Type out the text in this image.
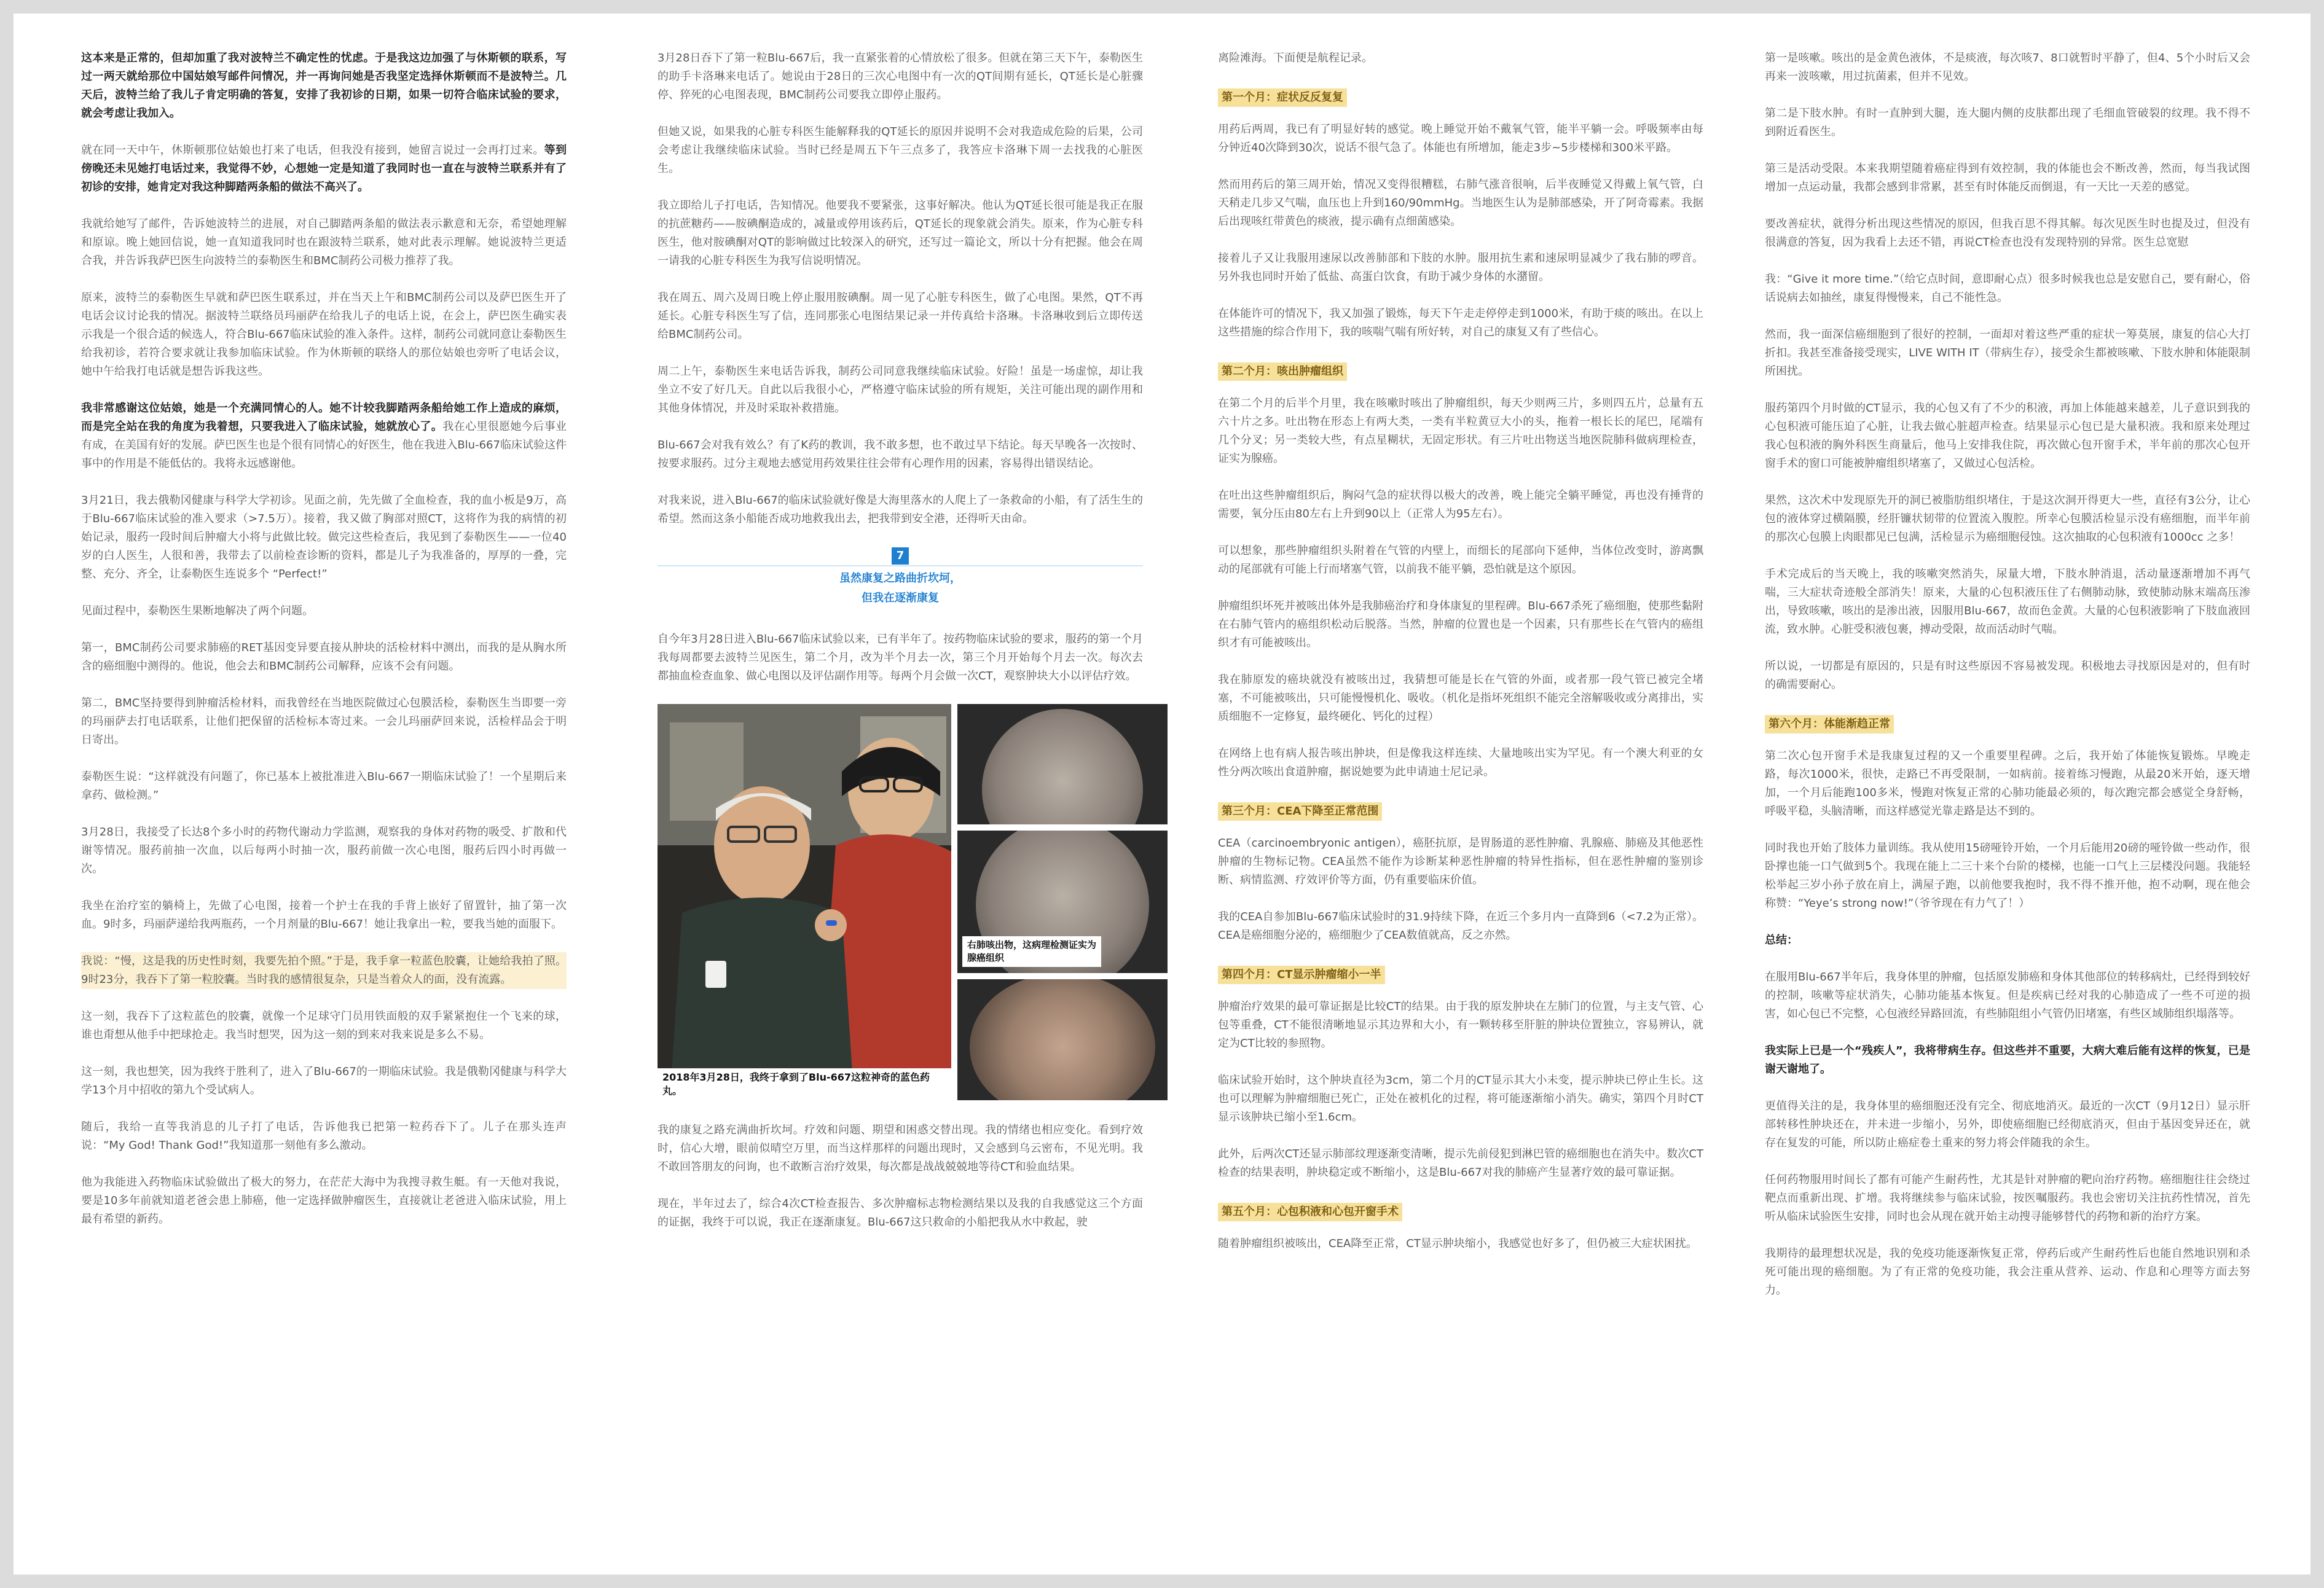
这本来是正常的，但却加重了我对波特兰不确定性的忧虑。于是我这边加强了与休斯顿的联系，写过一两天就给那位中国姑娘写邮件问情况，并一再询问她是否我坚定选择休斯顿而不是波特兰。几天后，波特兰给了我儿子肯定明确的答复，安排了我初诊的日期，如果一切符合临床试验的要求，就会考虑让我加入。

就在同一天中午，休斯顿那位姑娘也打来了电话，但我没有接到，她留言说过一会再打过来。等到傍晚还未见她打电话过来，我觉得不妙，心想她一定是知道了我同时也一直在与波特兰联系并有了初诊的安排，她肯定对我这种脚踏两条船的做法不高兴了。

我就给她写了邮件，告诉她波特兰的进展，对自己脚踏两条船的做法表示歉意和无奈，希望她理解和原谅。晚上她回信说，她一直知道我同时也在跟波特兰联系，她对此表示理解。她说波特兰更适合我，并告诉我萨巴医生向波特兰的泰勒医生和BMC制药公司极力推荐了我。

原来，波特兰的泰勒医生早就和萨巴医生联系过，并在当天上午和BMC制药公司以及萨巴医生开了电话会议讨论我的情况。据波特兰联络员玛丽萨在给我儿子的电话上说，在会上，萨巴医生确实表示我是一个很合适的候选人，符合Blu-667临床试验的准入条件。这样，制药公司就同意让泰勒医生给我初诊，若符合要求就让我参加临床试验。作为休斯顿的联络人的那位姑娘也旁听了电话会议，她中午给我打电话就是想告诉我这些。

我非常感谢这位姑娘，她是一个充满同情心的人。她不计较我脚踏两条船给她工作上造成的麻烦，而是完全站在我的角度为我着想，只要我进入了临床试验，她就放心了。我在心里很愿她今后事业有成，在美国有好的发展。萨巴医生也是个很有同情心的好医生，他在我进入Blu-667临床试验这件事中的作用是不能低估的。我将永远感谢他。

3月21日，我去俄勒冈健康与科学大学初诊。见面之前，先先做了全血检查，我的血小板是9万，高于Blu-667临床试验的准入要求（>7.5万）。接着，我又做了胸部对照CT，这将作为我的病情的初始记录，服药一段时间后肿瘤大小将与此做比较。做完这些检查后，我见到了泰勒医生——一位40岁的白人医生，人很和善，我带去了以前检查诊断的资料，都是儿子为我准备的，厚厚的一叠，完整、充分、齐全，让泰勒医生连说多个 “Perfect!”

见面过程中，泰勒医生果断地解决了两个问题。

第一，BMC制药公司要求肺癌的RET基因变异要直接从肿块的活检材料中测出，而我的是从胸水所含的癌细胞中测得的。他说，他会去和BMC制药公司解释，应该不会有问题。

第二，BMC坚持要得到肿瘤活检材料，而我曾经在当地医院做过心包膜活检，泰勒医生当即要一旁的玛丽萨去打电话联系，让他们把保留的活检标本寄过来。一会儿玛丽萨回来说，活检样品会于明日寄出。

泰勒医生说：“这样就没有问题了，你已基本上被批准进入Blu-667一期临床试验了！一个星期后来拿药、做检测。”

3月28日，我接受了长达8个多小时的药物代谢动力学监测，观察我的身体对药物的吸受、扩散和代谢等情况。服药前抽一次血，以后每两小时抽一次，服药前做一次心电图，服药后四小时再做一次。

我坐在治疗室的躺椅上，先做了心电图，接着一个护士在我的手背上嵌好了留置针，抽了第一次血。9时多，玛丽萨递给我两瓶药，一个月剂量的Blu-667！她让我拿出一粒，要我当她的面服下。

我说：“慢，这是我的历史性时刻，我要先拍个照。”于是，我手拿一粒蓝色胶囊，让她给我拍了照。9时23分，我吞下了第一粒胶囊。当时我的感情很复杂，只是当着众人的面，没有流露。

这一刻，我吞下了这粒蓝色的胶囊，就像一个足球守门员用铁面般的双手紧紧抱住一个飞来的球，谁也甭想从他手中把球抢走。我当时想哭，因为这一刻的到来对我来说是多么不易。

这一刻，我也想笑，因为我终于胜利了，进入了Blu-667的一期临床试验。我是俄勒冈健康与科学大学13个月中招收的第九个受试病人。

随后，我给一直等我消息的儿子打了电话，告诉他我已把第一粒药吞下了。儿子在那头连声说：“My God! Thank God!”我知道那一刻他有多么激动。

他为我能进入药物临床试验做出了极大的努力，在茫茫大海中为我搜寻救生艇。有一天他对我说，要是10多年前就知道老爸会患上肺癌，他一定选择做肿瘤医生，直接就让老爸进入临床试验，用上最有希望的新药。

3月28日吞下了第一粒Blu-667后，我一直紧张着的心情放松了很多。但就在第三天下午，泰勒医生的助手卡洛琳来电话了。她说由于28日的三次心电图中有一次的QT间期有延长，QT延长是心脏骤停、猝死的心电图表现，BMC制药公司要我立即停止服药。

但她又说，如果我的心脏专科医生能解释我的QT延长的原因并说明不会对我造成危险的后果，公司会考虑让我继续临床试验。当时已经是周五下午三点多了，我答应卡洛琳下周一去找我的心脏医生。

我立即给儿子打电话，告知情况。他要我不要紧张，这事好解决。他认为QT延长很可能是我正在服的抗蔗糖药——胺碘酮造成的，减量或停用该药后，QT延长的现象就会消失。原来，作为心脏专科医生，他对胺碘酮对QT的影响做过比较深入的研究，还写过一篇论文，所以十分有把握。他会在周一请我的心脏专科医生为我写信说明情况。

我在周五、周六及周日晚上停止服用胺碘酮。周一见了心脏专科医生，做了心电图。果然，QT不再延长。心脏专科医生写了信，连同那张心电图结果记录一并传真给卡洛琳。卡洛琳收到后立即传送给BMC制药公司。

周二上午，泰勒医生来电话告诉我，制药公司同意我继续临床试验。好险！虽是一场虚惊，却让我坐立不安了好几天。自此以后我很小心，严格遵守临床试验的所有规矩，关注可能出现的副作用和其他身体情况，并及时采取补救措施。

Blu-667会对我有效么？有了K药的教训，我不敢多想，也不敢过早下结论。每天早晚各一次按时、按要求服药。过分主观地去感觉用药效果往往会带有心理作用的因素，容易得出错误结论。

对我来说，进入Blu-667的临床试验就好像是大海里落水的人爬上了一条救命的小船，有了活生生的希望。然而这条小船能否成功地救我出去，把我带到安全港，还得听天由命。

7
虽然康复之路曲折坎坷，
但我在逐渐康复

自今年3月28日进入Blu-667临床试验以来，已有半年了。按药物临床试验的要求，服药的第一个月我每周都要去波特兰见医生，第二个月，改为半个月去一次，第三个月开始每个月去一次。每次去都抽血检查血象、做心电图以及评估副作用等。每两个月会做一次CT，观察肿块大小以评估疗效。

2018年3月28日，我终于拿到了Blu-667这粒神奇的蓝色药丸。
右肺咳出物，这病理检测证实为腺癌组织

我的康复之路充满曲折坎坷。疗效和问题、期望和困惑交替出现。我的情绪也相应变化。看到疗效时，信心大增，眼前似晴空万里，而当这样那样的问题出现时，又会感到乌云密布，不见光明。我不敢回答朋友的问询，也不敢断言治疗效果，每次都是战战兢兢地等待CT和验血结果。

现在，半年过去了，综合4次CT检查报告、多次肿瘤标志物检测结果以及我的自我感觉这三个方面的证据，我终于可以说，我正在逐渐康复。Blu-667这只救命的小船把我从水中救起，驶

离险滩海。下面便是航程记录。

第一个月：症状反反复复

用药后两周，我已有了明显好转的感觉。晚上睡觉开始不戴氧气管，能半平躺一会。呼吸频率由每分钟近40次降到30次，说话不很气急了。体能也有所增加，能走3步~5步楼梯和300米平路。

然而用药后的第三周开始，情况又变得很糟糕，右肺气涨音很响，后半夜睡觉又得戴上氧气管，白天稍走几步又气喘，血压也上升到160/90mmHg。当地医生认为是肺部感染，开了阿奇霉素。我据后出现咳红带黄色的痰液，提示确有点细菌感染。

接着儿子又让我服用速尿以改善肺部和下肢的水肿。服用抗生素和速尿明显减少了我右肺的啰音。另外我也同时开始了低盐、高蛋白饮食，有助于减少身体的水潴留。

在体能许可的情况下，我又加强了锻炼，每天下午走走停停走到1000米，有助于痰的咳出。在以上这些措施的综合作用下，我的咳喘气喘有所好转，对自己的康复又有了些信心。

第二个月：咳出肿瘤组织

在第二个月的后半个月里，我在咳嗽时咳出了肿瘤组织，每天少则两三片，多则四五片，总量有五六十片之多。吐出物在形态上有两大类，一类有半粒黄豆大小的头，拖着一根长长的尾巴，尾端有几个分叉；另一类较大些，有点星糊状，无固定形状。有三片吐出物送当地医院肺科做病理检查，证实为腺癌。

在吐出这些肿瘤组织后，胸闷气急的症状得以极大的改善，晚上能完全躺平睡觉，再也没有捶背的需要，氧分压由80左右上升到90以上（正常人为95左右）。

可以想象，那些肿瘤组织头附着在气管的内壁上，而细长的尾部向下延伸，当体位改变时，游离飘动的尾部就有可能上行而堵塞气管，以前我不能平躺，恐怕就是这个原因。

肿瘤组织坏死并被咳出体外是我肺癌治疗和身体康复的里程碑。Blu-667杀死了癌细胞，使那些黏附在右肺气管内的癌组织松动后脱落。当然，肿瘤的位置也是一个因素，只有那些长在气管内的癌组织才有可能被咳出。

我在肺原发的癌块就没有被咳出过，我猜想可能是长在气管的外面，或者那一段气管已被完全堵塞，不可能被咳出，只可能慢慢机化、吸收。（机化是指坏死组织不能完全溶解吸收或分离排出，实质细胞不一定修复，最终硬化、钙化的过程）

在网络上也有病人报告咳出肿块，但是像我这样连续、大量地咳出实为罕见。有一个澳大利亚的女性分两次咳出食道肿瘤，据说她要为此申请迪士尼记录。

第三个月：CEA下降至正常范围

CEA（carcinoembryonic antigen），癌胚抗原，是胃肠道的恶性肿瘤、乳腺癌、肺癌及其他恶性肿瘤的生物标记物。CEA虽然不能作为诊断某种恶性肿瘤的特异性指标，但在恶性肿瘤的鉴别诊断、病情监测、疗效评价等方面，仍有重要临床价值。

我的CEA自参加Blu-667临床试验时的31.9持续下降，在近三个多月内一直降到6（<7.2为正常）。CEA是癌细胞分泌的，癌细胞少了CEA数值就高，反之亦然。

第四个月：CT显示肿瘤缩小一半

肿瘤治疗效果的最可靠证据是比较CT的结果。由于我的原发肿块在左肺门的位置，与主支气管、心包等重叠，CT不能很清晰地显示其边界和大小，有一颗转移至肝脏的肿块位置独立，容易辨认，就定为CT比较的参照物。

临床试验开始时，这个肿块直径为3cm，第二个月的CT显示其大小未变，提示肿块已停止生长。这也可以理解为肿瘤细胞已死亡，正处在被机化的过程，将可能逐渐缩小消失。确实，第四个月时CT显示该肿块已缩小至1.6cm。

此外，后两次CT还显示肺部纹理逐渐变清晰，提示先前侵犯到淋巴管的癌细胞也在消失中。数次CT检查的结果表明，肿块稳定或不断缩小，这是Blu-667对我的肺癌产生显著疗效的最可靠证据。

第五个月：心包积液和心包开窗手术

随着肿瘤组织被咳出，CEA降至正常，CT显示肿块缩小，我感觉也好多了，但仍被三大症状困扰。

第一是咳嗽。咳出的是金黄色液体，不是痰液，每次咳7、8口就暂时平静了，但4、5个小时后又会再来一波咳嗽，用过抗菌素，但并不见效。

第二是下肢水肿。有时一直肿到大腿，连大腿内侧的皮肤都出现了毛细血管破裂的纹理。我不得不到附近看医生。

第三是活动受限。本来我期望随着癌症得到有效控制，我的体能也会不断改善，然而，每当我试图增加一点运动量，我都会感到非常累，甚至有时体能反而倒退，有一天比一天差的感觉。

要改善症状，就得分析出现这些情况的原因，但我百思不得其解。每次见医生时也提及过，但没有很满意的答复，因为我看上去还不错，再说CT检查也没有发现特别的异常。医生总宽慰

我：“Give it more time.”（给它点时间，意即耐心点）很多时候我也总是安慰自己，要有耐心，俗话说病去如抽丝，康复得慢慢来，自己不能性急。

然而，我一面深信癌细胞到了很好的控制，一面却对着这些严重的症状一筹莫展，康复的信心大打折扣。我甚至准备接受现实，LIVE WITH IT（带病生存），接受余生都被咳嗽、下肢水肿和体能限制所困扰。

服药第四个月时做的CT显示，我的心包又有了不少的积液，再加上体能越来越差，儿子意识到我的心包积液可能压迫了心脏，让我去做心脏超声检查。结果显示心包已是大量积液。我和原来处理过我心包积液的胸外科医生商量后，他马上安排我住院，再次做心包开窗手术，半年前的那次心包开窗手术的窗口可能被肿瘤组织堵塞了，又做过心包活检。

果然，这次术中发现原先开的洞已被脂肪组织堵住，于是这次洞开得更大一些，直径有3公分，让心包的液体穿过横隔膜，经肝镰状韧带的位置流入腹腔。所幸心包膜活检显示没有癌细胞，而半年前的那次心包膜上肉眼都见已包满，活检显示为癌细胞侵蚀。这次抽取的心包积液有1000cc 之多！

手术完成后的当天晚上，我的咳嗽突然消失，尿量大增，下肢水肿消退，活动量逐渐增加不再气喘，三大症状奇迹般全部消失！原来，大量的心包积液压住了右侧肺动脉，致使肺动脉末端高压渗出，导致咳嗽，咳出的是渗出液，因服用Blu-667，故而色金黄。大量的心包积液影响了下肢血液回流，致水肿。心脏受积液包裹，搏动受限，故而活动时气喘。

所以说，一切都是有原因的，只是有时这些原因不容易被发现。积极地去寻找原因是对的，但有时的确需要耐心。

第六个月：体能渐趋正常

第二次心包开窗手术是我康复过程的又一个重要里程碑。之后，我开始了体能恢复锻炼。早晚走路，每次1000米，很快，走路已不再受限制，一如病前。接着练习慢跑，从最20米开始，逐天增加，一个月后能跑100多米，慢跑对恢复正常的心肺功能最必须的，每次跑完都会感觉全身舒畅，呼吸平稳，头脑清晰，而这样感觉光靠走路是达不到的。

同时我也开始了肢体力量训练。我从使用15磅哑铃开始，一个月后能用20磅的哑铃做一些动作，很卧撑也能一口气做到5个。我现在能上二三十来个台阶的楼梯，也能一口气上三层楼没问题。我能轻松举起三岁小孙子放在肩上，满屋子跑，以前他要我抱时，我不得不推开他，抱不动啊，现在他会称赞：“Yeye’s strong now!”（爷爷现在有力气了！）

总结：

在服用Blu-667半年后，我身体里的肿瘤，包括原发肺癌和身体其他部位的转移病灶，已经得到较好的控制，咳嗽等症状消失，心肺功能基本恢复。但是疾病已经对我的心肺造成了一些不可逆的损害，如心包已不完整，心包液经异路回流，有些肺阻组小气管仍旧堵塞，有些区域肺组织塌落等。

我实际上已是一个“残疾人”，我将带病生存。但这些并不重要，大病大难后能有这样的恢复，已是谢天谢地了。

更值得关注的是，我身体里的癌细胞还没有完全、彻底地消灭。最近的一次CT（9月12日）显示肝部转移性肿块还在，并未进一步缩小，另外，即使癌细胞已经彻底消灭，但由于基因变异还在，就存在复发的可能，所以防止癌症卷土重来的努力将会伴随我的余生。

任何药物服用时间长了都有可能产生耐药性，尤其是针对肿瘤的靶向治疗药物。癌细胞往往会绕过靶点而重新出现、扩增。我将继续参与临床试验，按医嘱服药。我也会密切关注抗药性情况，首先听从临床试验医生安排，同时也会从现在就开始主动搜寻能够替代的药物和新的治疗方案。

我期待的最理想状况是，我的免疫功能逐渐恢复正常，停药后或产生耐药性后也能自然地识别和杀死可能出现的癌细胞。为了有正常的免疫功能，我会注重从营养、运动、作息和心理等方面去努力。
